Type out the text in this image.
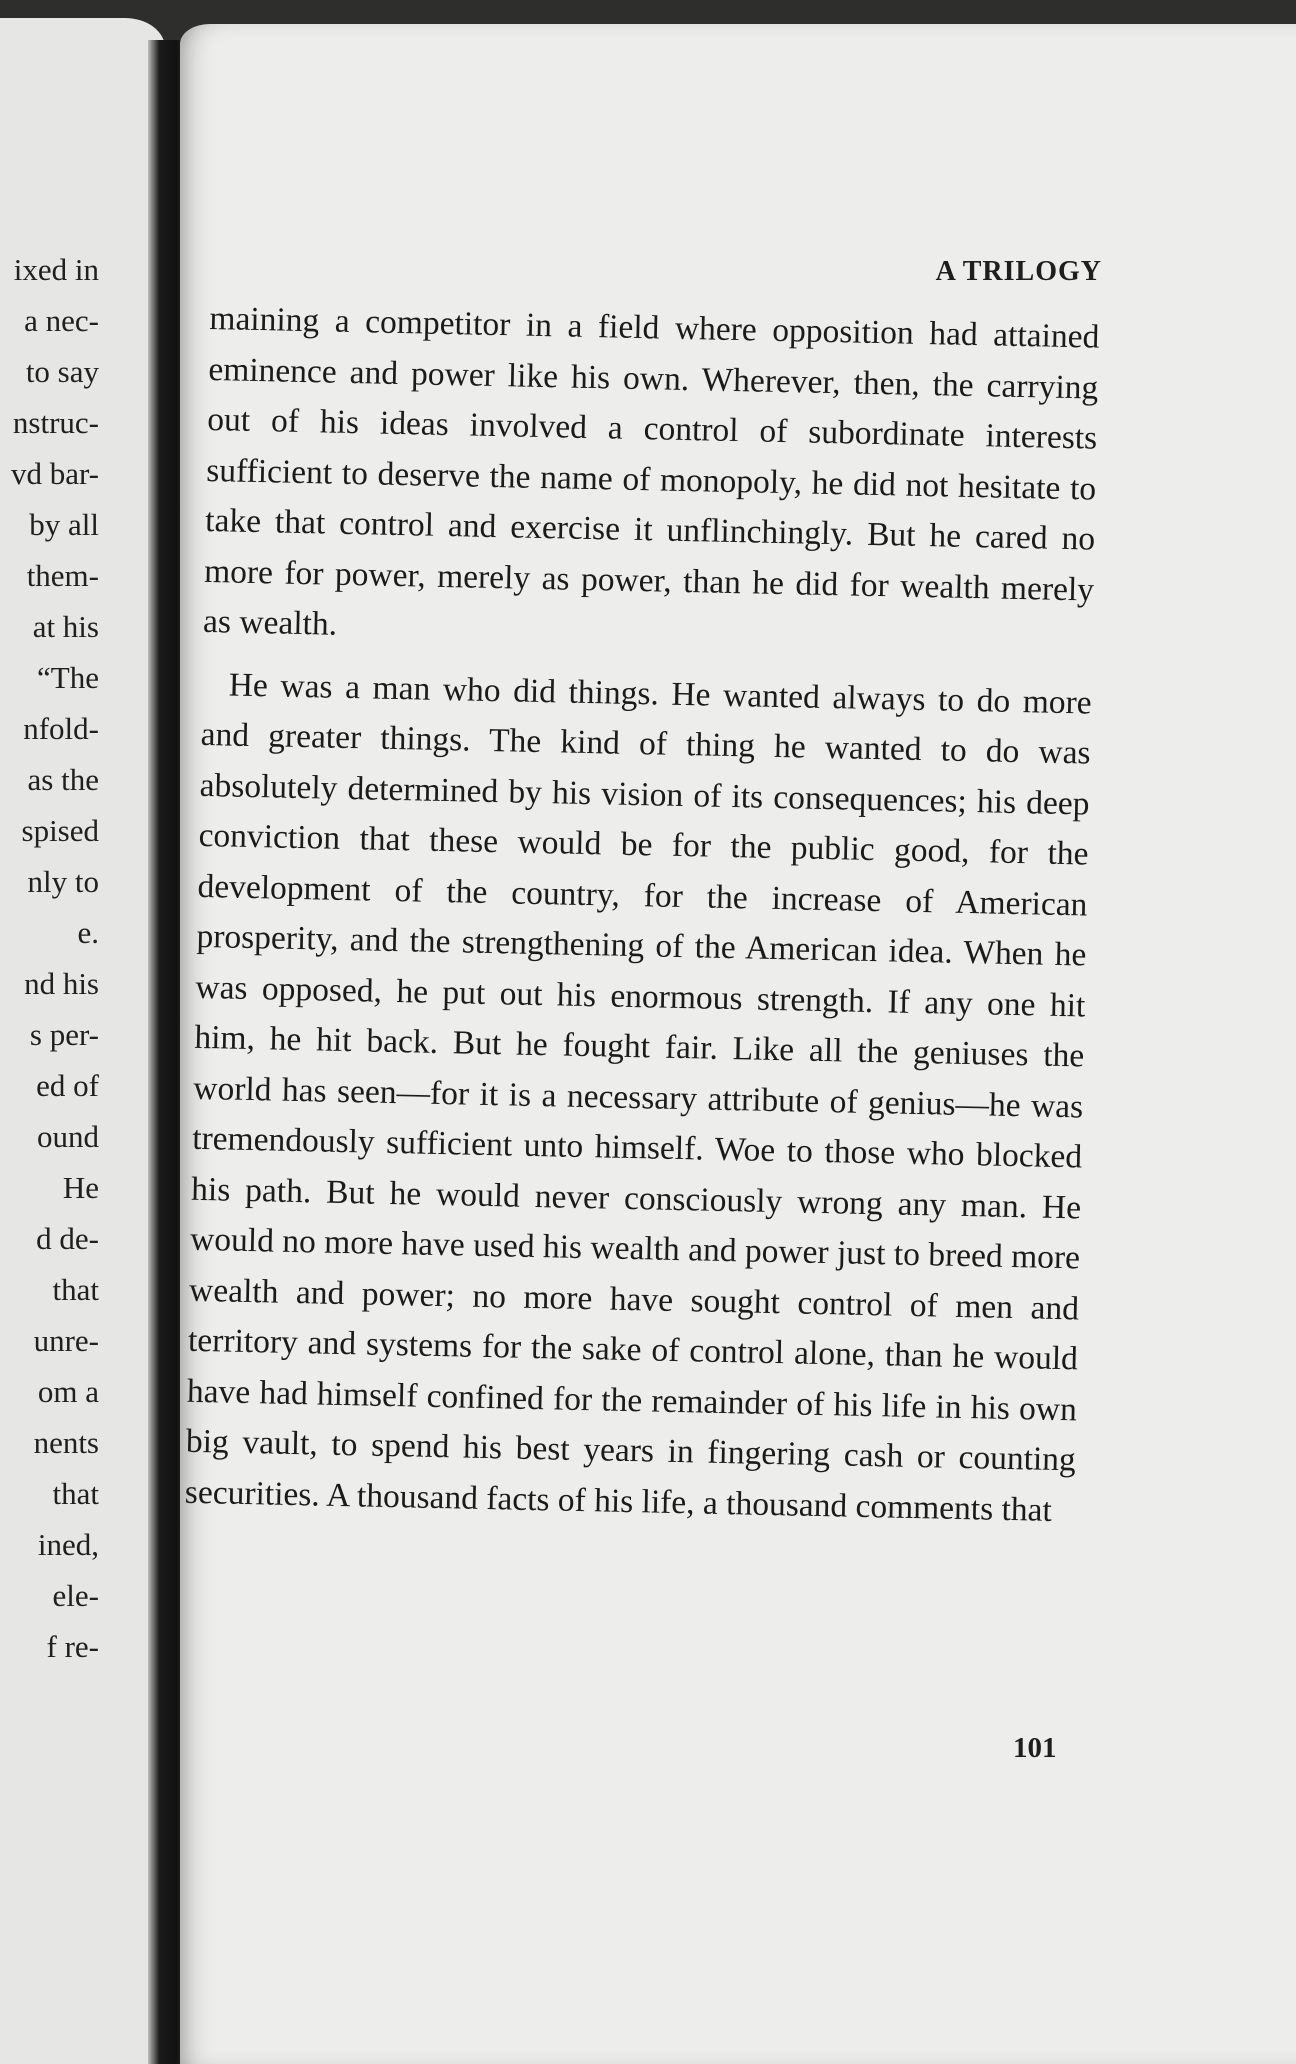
ixed in
a nec-
to say
nstruc-
vd bar-
by all
them-
at his
“The
nfold-
as the
spised
nly to
e.
nd his
s per-
ed of
ound
He
d de-
that
unre-
om a
nents
that
ined,
ele-
f re-
A TRILOGY

maining a competitor in a field where opposition had attained eminence and power like his own. Wherever, then, the carrying out of his ideas involved a control of subordinate interests sufficient to deserve the name of monopoly, he did not hesitate to take that control and exercise it unflinchingly. But he cared no more for power, merely as power, than he did for wealth merely as wealth.

He was a man who did things. He wanted always to do more and greater things. The kind of thing he wanted to do was absolutely determined by his vision of its consequences; his deep conviction that these would be for the public good, for the development of the country, for the increase of American prosperity, and the strengthening of the American idea. When he was opposed, he put out his enormous strength. If any one hit him, he hit back. But he fought fair. Like all the geniuses the world has seen—for it is a necessary attribute of genius—he was tremendously sufficient unto himself. Woe to those who blocked his path. But he would never consciously wrong any man. He would no more have used his wealth and power just to breed more wealth and power; no more have sought control of men and territory and systems for the sake of control alone, than he would have had himself confined for the remainder of his life in his own big vault, to spend his best years in fingering cash or counting securities. A thousand facts of his life, a thousand comments that

101
